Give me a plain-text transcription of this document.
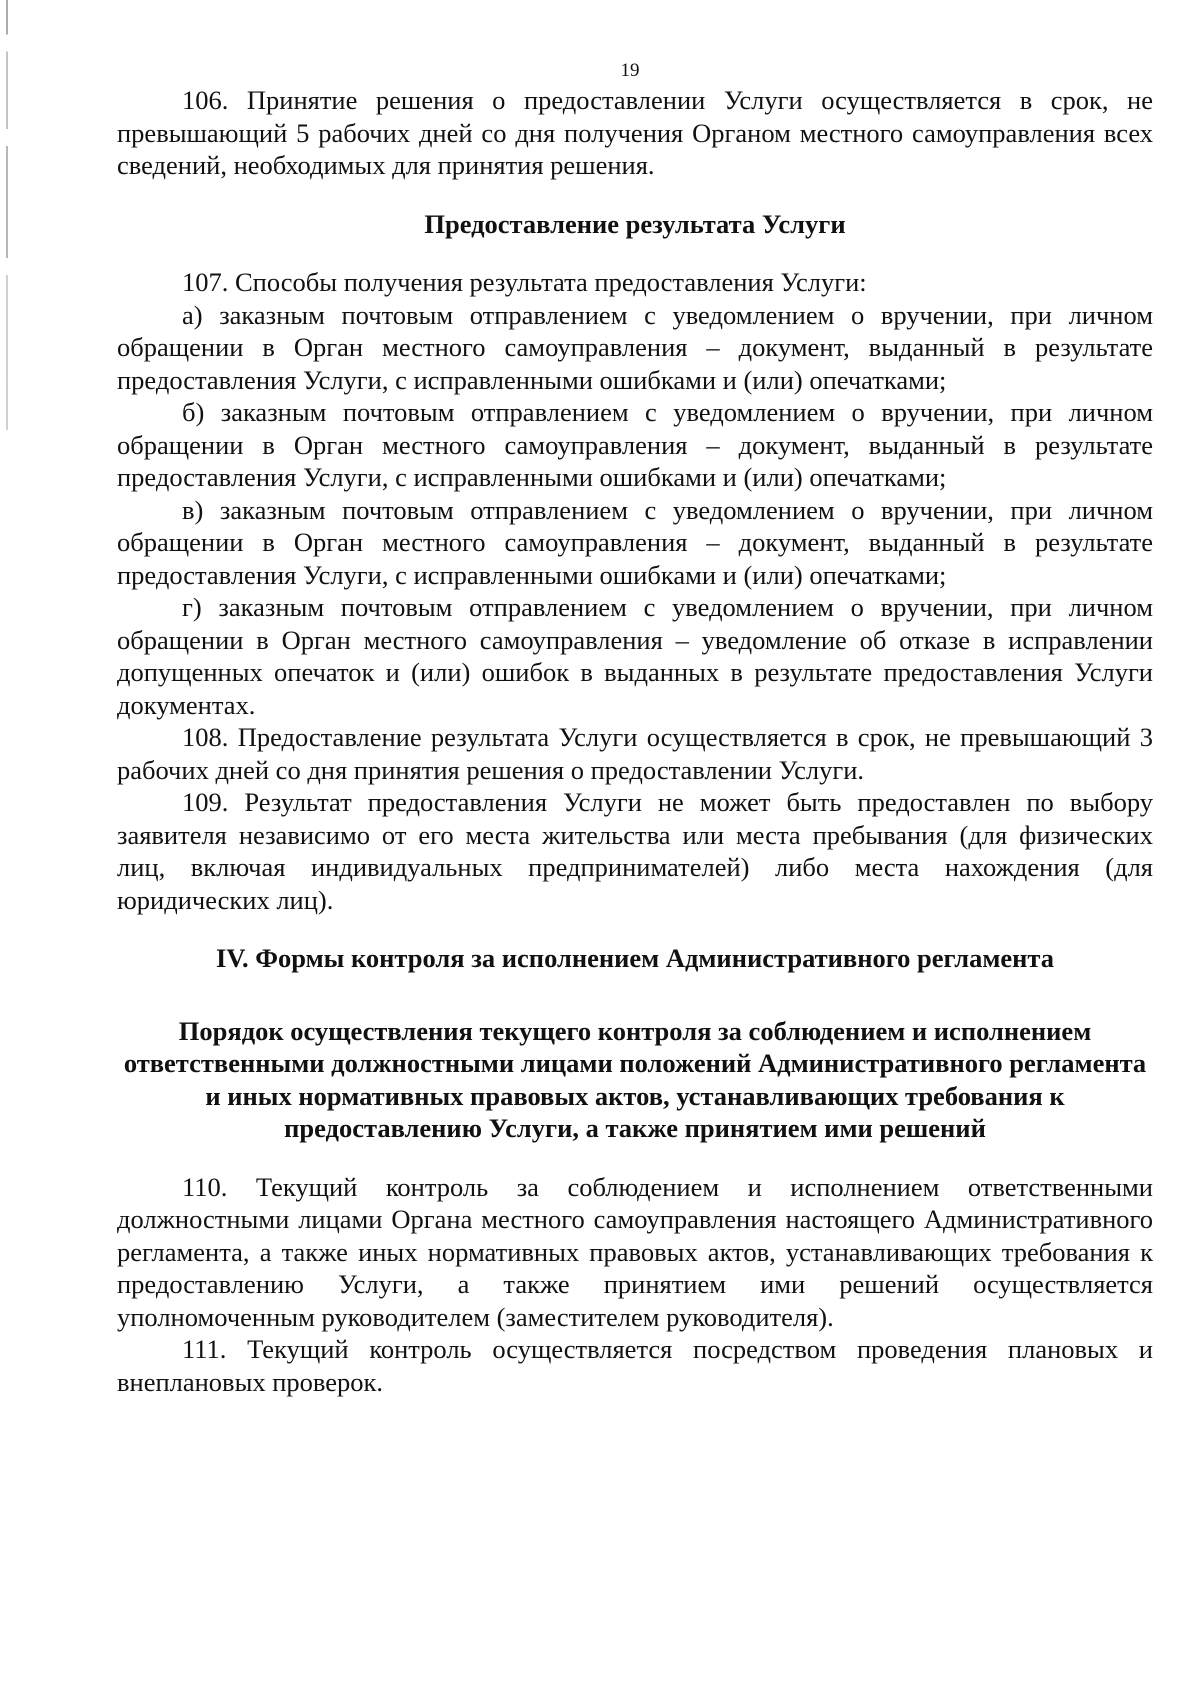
19

106. Принятие решения о предоставлении Услуги осуществляется в срок, не превышающий 5 рабочих дней со дня получения Органом местного самоуправления всех сведений, необходимых для принятия решения.

Предоставление результата Услуги

107. Способы получения результата предоставления Услуги:

а) заказным почтовым отправлением с уведомлением о вручении, при личном обращении в Орган местного самоуправления – документ, выданный в результате предоставления Услуги, с исправленными ошибками и (или) опечатками;

б) заказным почтовым отправлением с уведомлением о вручении, при личном обращении в Орган местного самоуправления – документ, выданный в результате предоставления Услуги, с исправленными ошибками и (или) опечатками;

в) заказным почтовым отправлением с уведомлением о вручении, при личном обращении в Орган местного самоуправления – документ, выданный в результате предоставления Услуги, с исправленными ошибками и (или) опечатками;

г) заказным почтовым отправлением с уведомлением о вручении, при личном обращении в Орган местного самоуправления – уведомление об отказе в исправлении допущенных опечаток и (или) ошибок в выданных в результате предоставления Услуги документах.

108. Предоставление результата Услуги осуществляется в срок, не превышающий 3 рабочих дней со дня принятия решения о предоставлении Услуги.

109. Результат предоставления Услуги не может быть предоставлен по выбору заявителя независимо от его места жительства или места пребывания (для физических лиц, включая индивидуальных предпринимателей) либо места нахождения (для юридических лиц).

IV. Формы контроля за исполнением Административного регламента
Порядок осуществления текущего контроля за соблюдением и исполнением ответственными должностными лицами положений Административного регламента и иных нормативных правовых актов, устанавливающих требования к предоставлению Услуги, а также принятием ими решений

110. Текущий контроль за соблюдением и исполнением ответственными должностными лицами Органа местного самоуправления настоящего Административного регламента, а также иных нормативных правовых актов, устанавливающих требования к предоставлению Услуги, а также принятием ими решений осуществляется уполномоченным руководителем (заместителем руководителя).

111. Текущий контроль осуществляется посредством проведения плановых и внеплановых проверок.
